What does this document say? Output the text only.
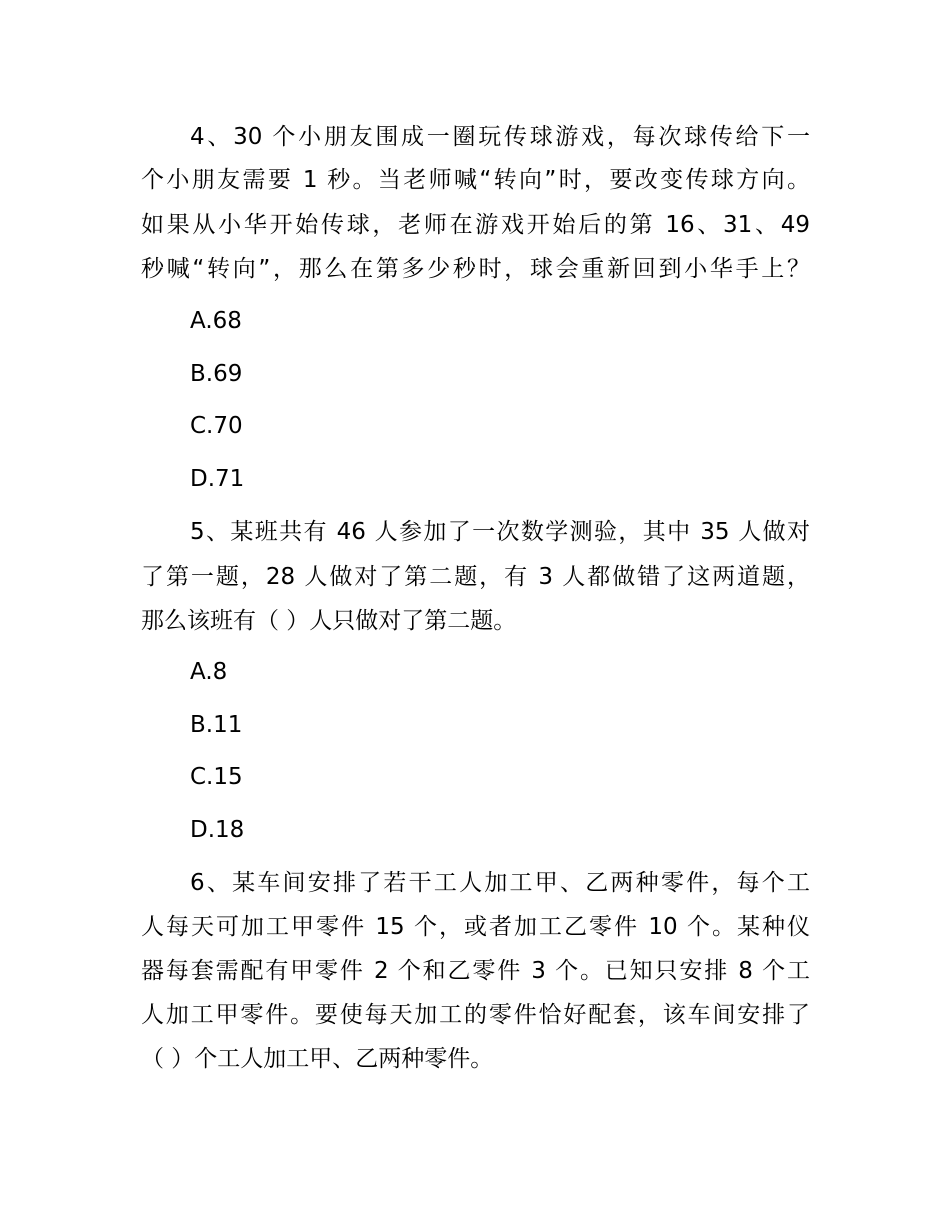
4、30 个小朋友围成一圈玩传球游戏，每次球传给下一
个小朋友需要 1 秒。当老师喊“转向”时，要改变传球方向。
如果从小华开始传球，老师在游戏开始后的第 16、31、49
秒喊“转向”，那么在第多少秒时，球会重新回到小华手上？
A.68
B.69
C.70
D.71
5、某班共有 46 人参加了一次数学测验，其中 35 人做对
了第一题，28 人做对了第二题，有 3 人都做错了这两道题，
那么该班有（ ）人只做对了第二题。
A.8
B.11
C.15
D.18
6、某车间安排了若干工人加工甲、乙两种零件，每个工
人每天可加工甲零件 15 个，或者加工乙零件 10 个。某种仪
器每套需配有甲零件 2 个和乙零件 3 个。已知只安排 8 个工
人加工甲零件。要使每天加工的零件恰好配套，该车间安排了
（ ）个工人加工甲、乙两种零件。
